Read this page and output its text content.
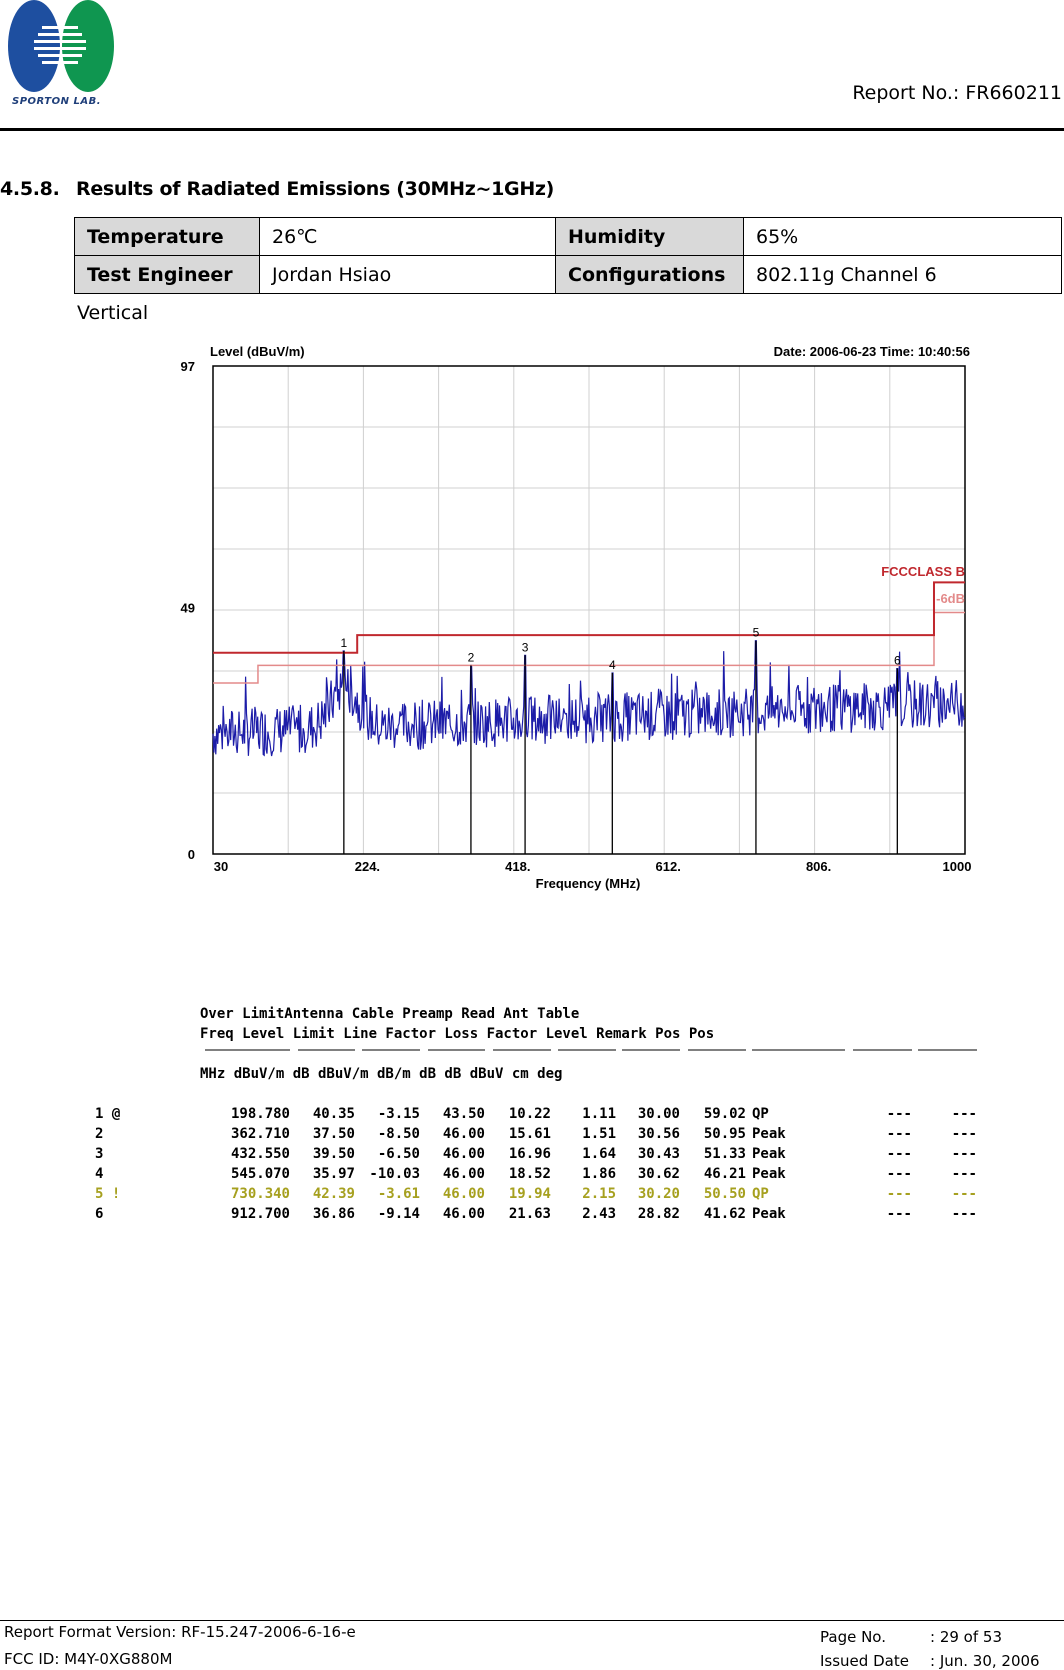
SPORTON LAB.	Report No.: FR660211
4.5.8. Results of Radiated Emissions (30MHz~1GHz)
Temperature	26℃	Humidity	65%
Test Engineer	Jordan Hsiao	Configurations	802.11g Channel 6
Vertical
Level (dBuV/m)	Date: 2006-06-23 Time: 10:40:56
Frequency (MHz)
30	224.	418.	612.	806.	1000
97
49
0
1
2
3
4
5
6
FCCCLASS B
-6dB
Over LimitAntenna Cable Preamp Read Ant Table
Freq Level Limit Line Factor Loss Factor Level Remark Pos Pos
MHz dBuV/m dB dBuV/m dB/m dB dB dBuV cm deg
1 @	198.780 40.35 -3.15 43.50 10.22 1.11 30.00 59.02 QP	---	---
2	362.710 37.50 -8.50 46.00 15.61 1.51 30.56 50.95 Peak	---	---
3	432.550 39.50 -6.50 46.00 16.96 1.64 30.43 51.33 Peak	---	---
4	545.070 35.97 -10.03 46.00 18.52 1.86 30.62 46.21 Peak	---	---
5 !	730.340 42.39 -3.61 46.00 19.94 2.15 30.20 50.50 QP	---	---
6	912.700 36.86 -9.14 46.00 21.63 2.43 28.82 41.62 Peak	---	---
Report Format Version: RF-15.247-2006-6-16-e
FCC ID: M4Y-0XG880M
Page No.	: 29 of 53
Issued Date : Jun. 30, 2006
